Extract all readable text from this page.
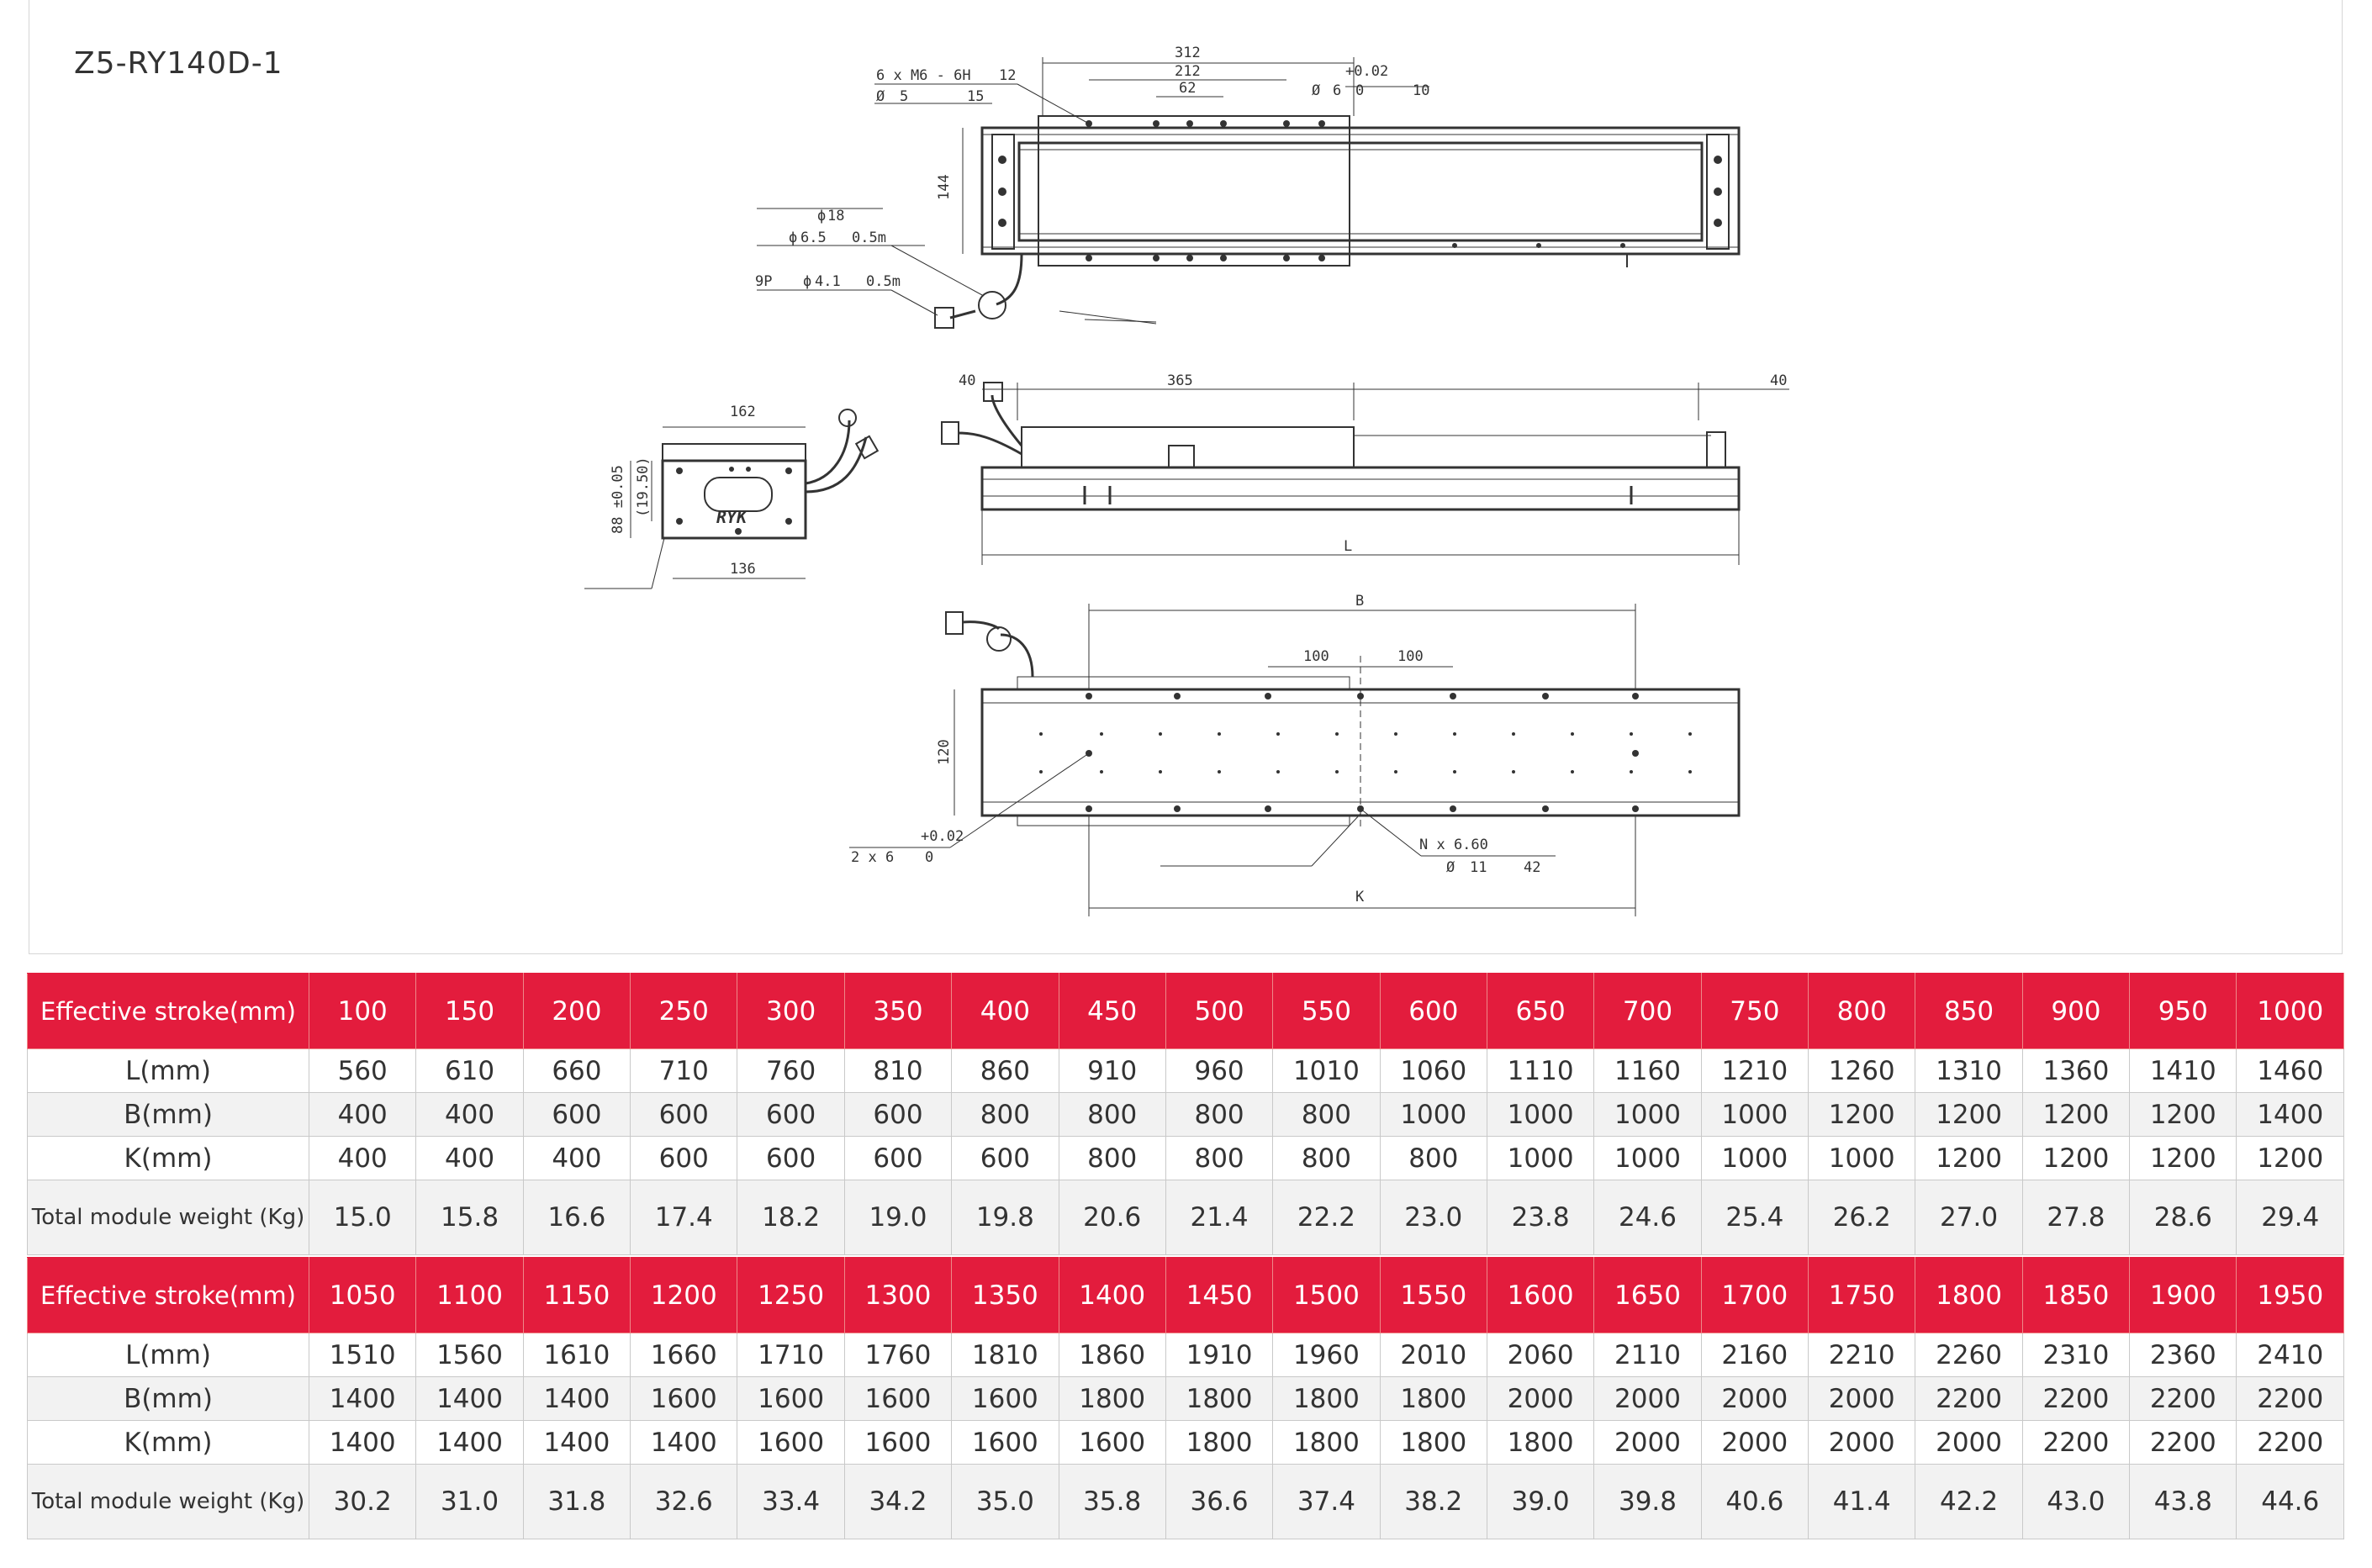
Z5-RY140D-1	6 x M6 - 6H 12
Ø 5	15
312
212
62
+0.02
Ø 6 0	10
144
ϕ 18
ϕ 6.5 0.5m
9P ϕ 4.1 0.5m
40	365	40
L
162
136
88 ±0.05 (19.50)	RYK
B
100	100
120
+0.02
2 x 6 0
N x 6.60
Ø 11	42
K
Effective stroke(mm)	100	150	200	250	300	350	400	450	500	550	600	650	700	750	800	850	900	950	1000
L(mm)	560	610	660	710	760	810	860	910	960	1010	1060	1110	1160	1210	1260	1310	1360	1410	1460
B(mm)	400	400	600	600	600	600	800	800	800	800	1000	1000	1000	1000	1200	1200	1200	1200	1400
K(mm)	400	400	400	600	600	600	600	800	800	800	800	1000	1000	1000	1000	1200	1200	1200	1200
Total module weight (Kg)	15.0	15.8	16.6	17.4	18.2	19.0	19.8	20.6	21.4	22.2	23.0	23.8	24.6	25.4	26.2	27.0	27.8	28.6	29.4
Effective stroke(mm)	1050	1100	1150	1200	1250	1300	1350	1400	1450	1500	1550	1600	1650	1700	1750	1800	1850	1900	1950
L(mm)	1510	1560	1610	1660	1710	1760	1810	1860	1910	1960	2010	2060	2110	2160	2210	2260	2310	2360	2410
B(mm)	1400	1400	1400	1600	1600	1600	1600	1800	1800	1800	1800	2000	2000	2000	2000	2200	2200	2200	2200
K(mm)	1400	1400	1400	1400	1600	1600	1600	1600	1800	1800	1800	1800	2000	2000	2000	2000	2200	2200	2200
Total module weight (Kg)	30.2	31.0	31.8	32.6	33.4	34.2	35.0	35.8	36.6	37.4	38.2	39.0	39.8	40.6	41.4	42.2	43.0	43.8	44.6
